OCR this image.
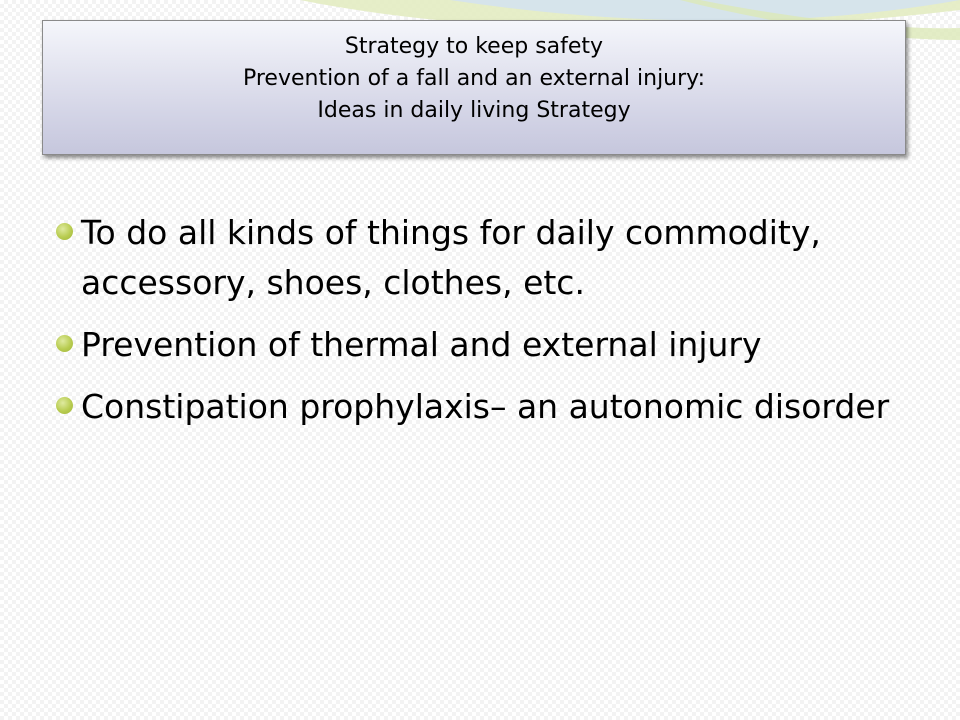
Strategy to keep safety
Prevention of a fall and an external injury:
Ideas in daily living Strategy
To do all kinds of things for daily commodity, accessory, shoes, clothes, etc.
Prevention of thermal and external injury
Constipation prophylaxis– an autonomic disorder
